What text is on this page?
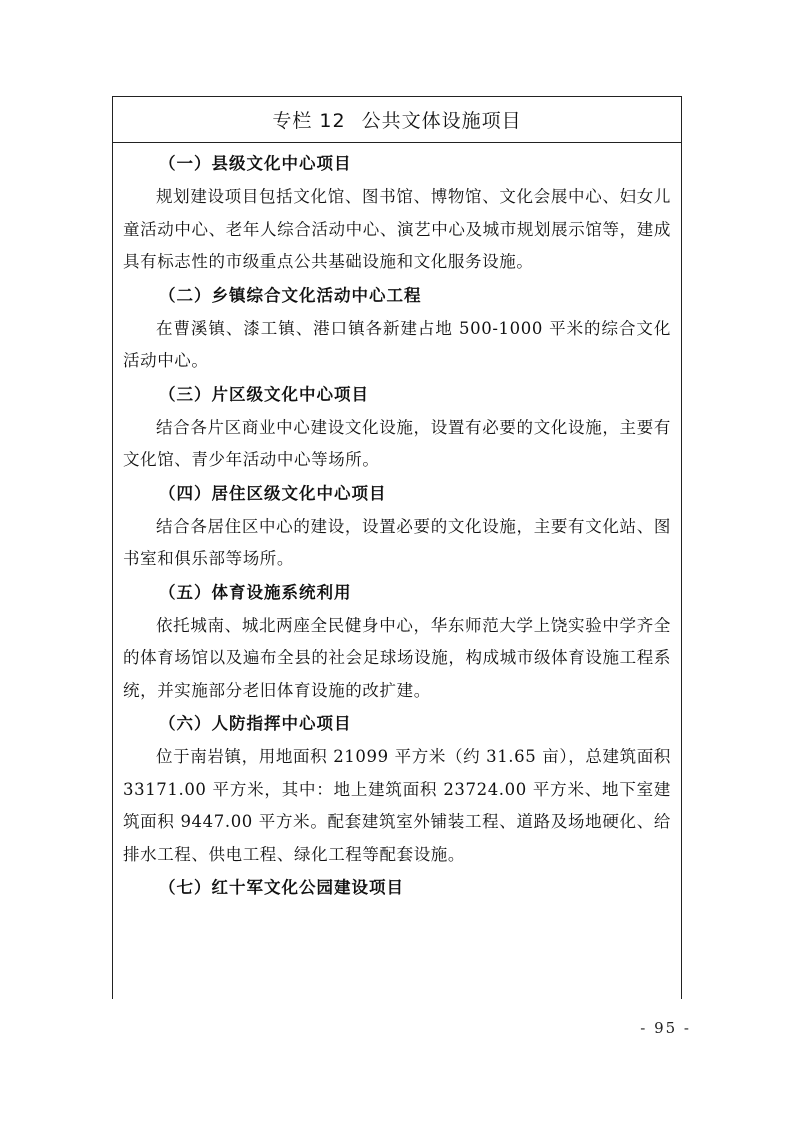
专栏 12 公共文体设施项目
（一）县级文化中心项目
规划建设项目包括文化馆、图书馆、博物馆、文化会展中心、妇女儿童活动中心、老年人综合活动中心、演艺中心及城市规划展示馆等，建成具有标志性的市级重点公共基础设施和文化服务设施。
（二）乡镇综合文化活动中心工程
在曹溪镇、漆工镇、港口镇各新建占地 500-1000 平米的综合文化活动中心。
（三）片区级文化中心项目
结合各片区商业中心建设文化设施，设置有必要的文化设施，主要有文化馆、青少年活动中心等场所。
（四）居住区级文化中心项目
结合各居住区中心的建设，设置必要的文化设施，主要有文化站、图书室和俱乐部等场所。
（五）体育设施系统利用
依托城南、城北两座全民健身中心，华东师范大学上饶实验中学齐全的体育场馆以及遍布全县的社会足球场设施，构成城市级体育设施工程系统，并实施部分老旧体育设施的改扩建。
（六）人防指挥中心项目
位于南岩镇，用地面积 21099 平方米（约 31.65 亩），总建筑面积 33171.00 平方米，其中：地上建筑面积 23724.00 平方米、地下室建筑面积 9447.00 平方米。配套建筑室外铺装工程、道路及场地硬化、给排水工程、供电工程、绿化工程等配套设施。
（七）红十军文化公园建设项目
- 95 -
